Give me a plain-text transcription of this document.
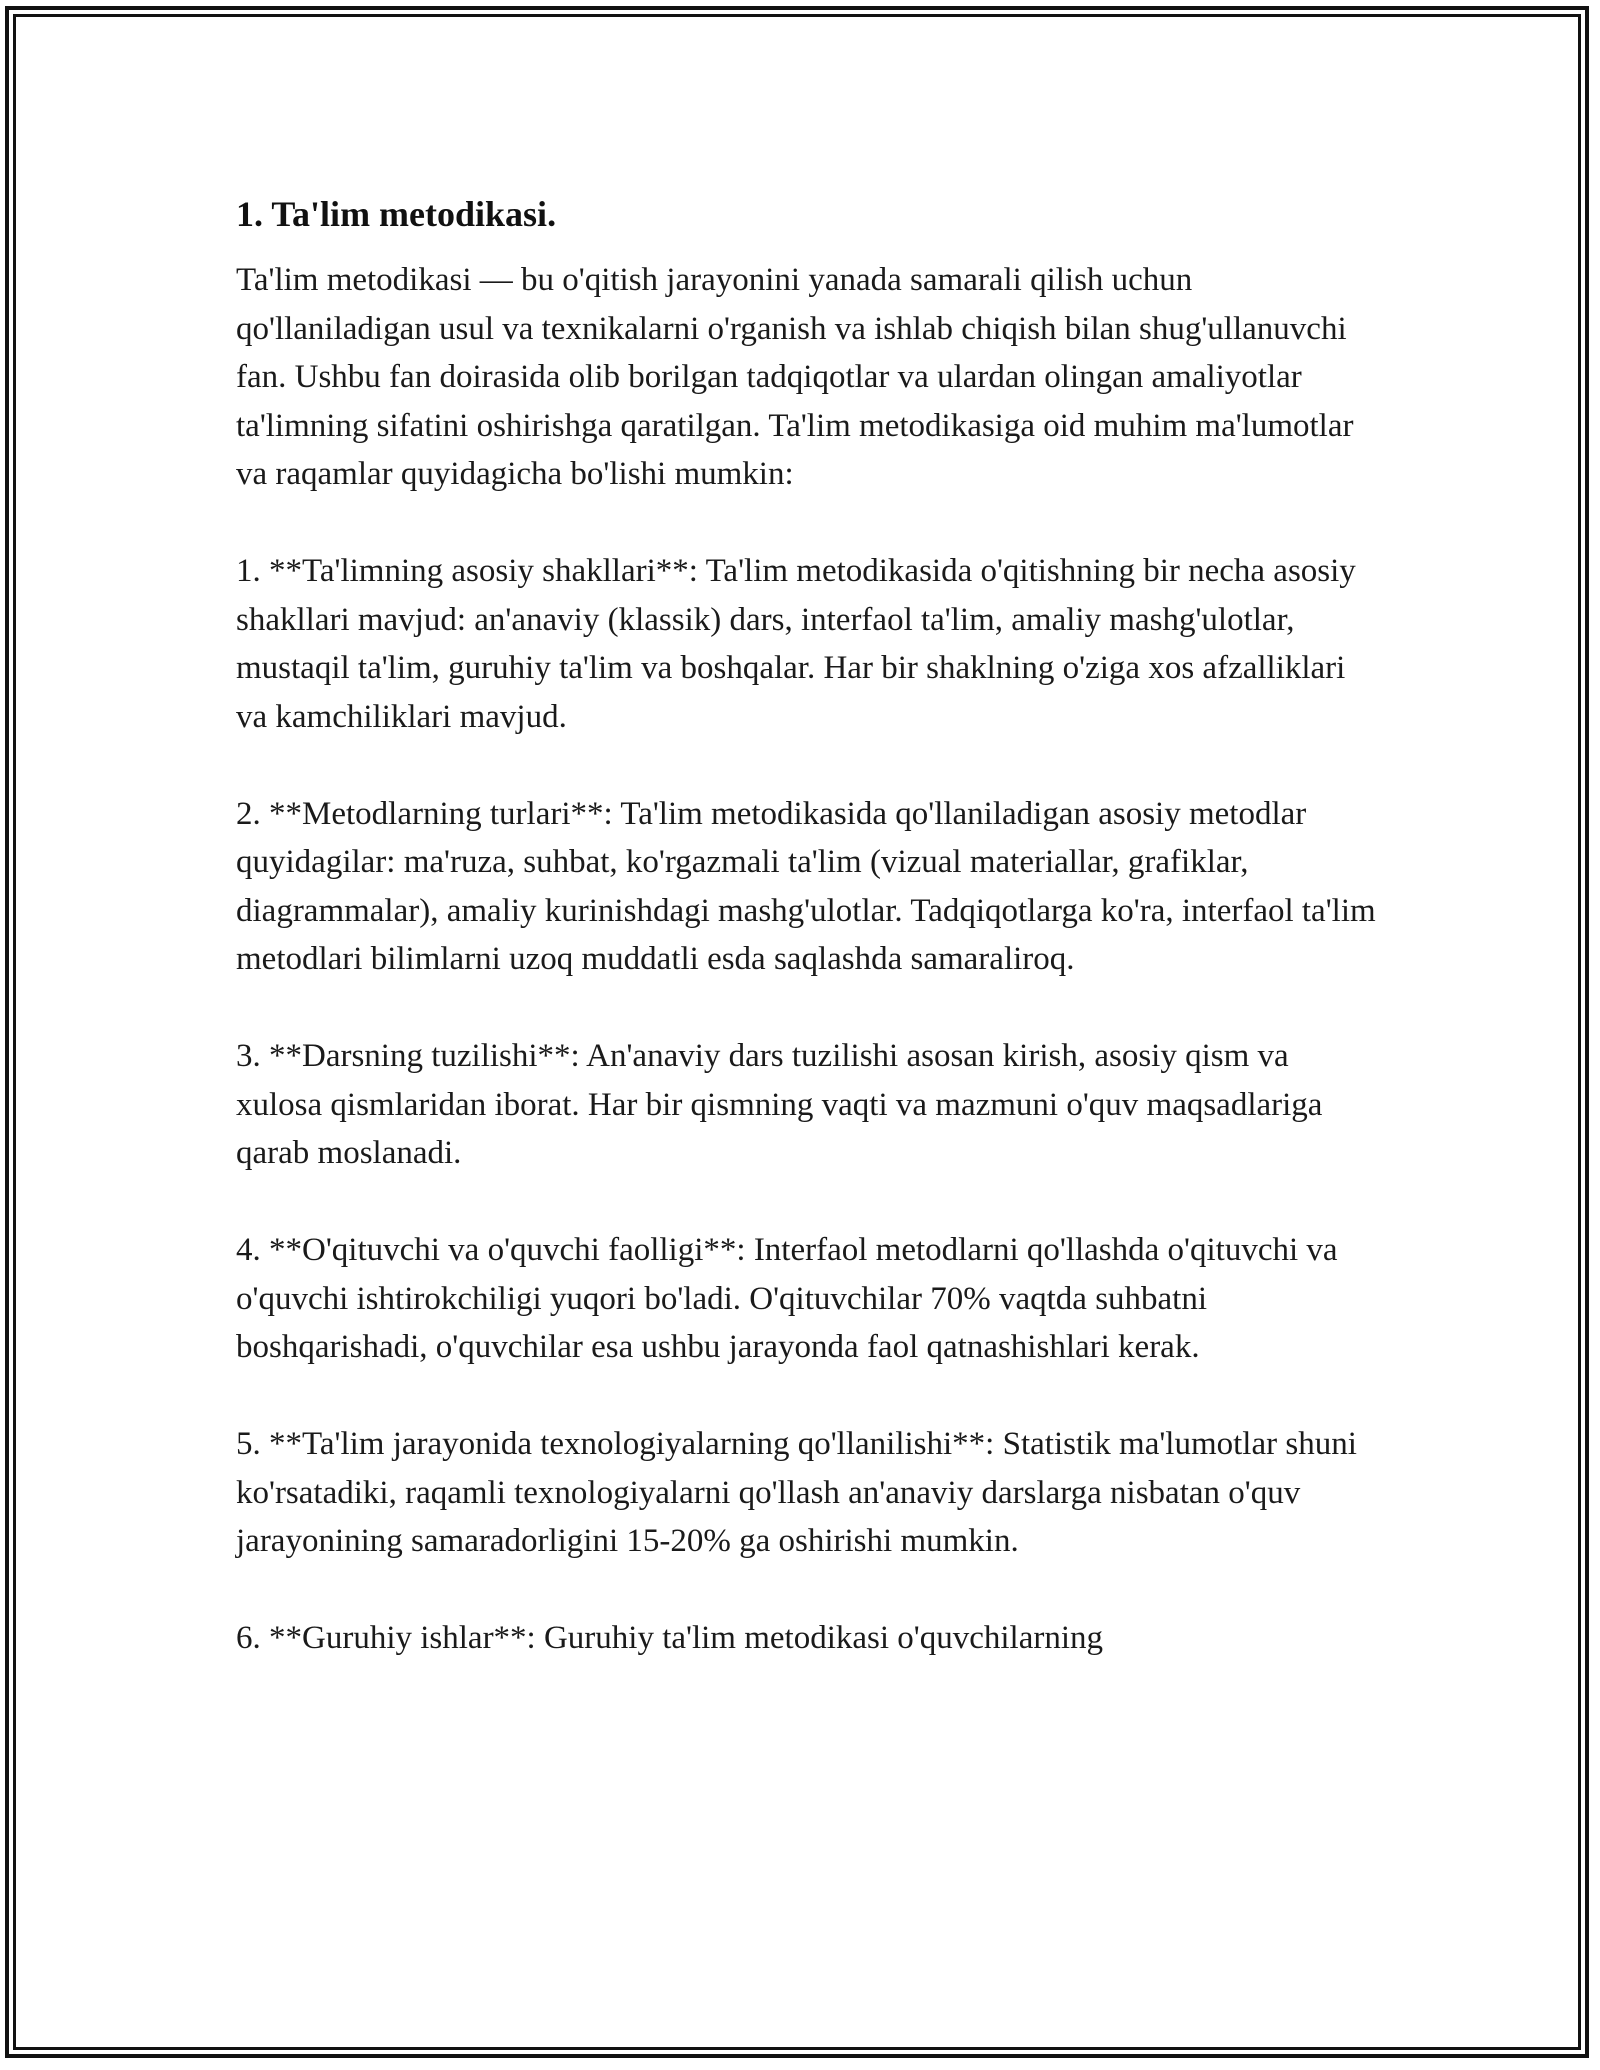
1. Ta'lim metodikasi.

Ta'lim metodikasi — bu o'qitish jarayonini yanada samarali qilish uchun qo'llaniladigan usul va texnikalarni o'rganish va ishlab chiqish bilan shug'ullanuvchi fan. Ushbu fan doirasida olib borilgan tadqiqotlar va ulardan olingan amaliyotlar ta'limning sifatini oshirishga qaratilgan. Ta'lim metodikasiga oid muhim ma'lumotlar va raqamlar quyidagicha bo'lishi mumkin:

1. **Ta'limning asosiy shakllari**: Ta'lim metodikasida o'qitishning bir necha asosiy shakllari mavjud: an'anaviy (klassik) dars, interfaol ta'lim, amaliy mashg'ulotlar, mustaqil ta'lim, guruhiy ta'lim va boshqalar. Har bir shaklning o'ziga xos afzalliklari va kamchiliklari mavjud.

2. **Metodlarning turlari**: Ta'lim metodikasida qo'llaniladigan asosiy metodlar quyidagilar: ma'ruza, suhbat, ko'rgazmali ta'lim (vizual materiallar, grafiklar, diagrammalar), amaliy kurinishdagi mashg'ulotlar. Tadqiqotlarga ko'ra, interfaol ta'lim metodlari bilimlarni uzoq muddatli esda saqlashda samaraliroq.

3. **Darsning tuzilishi**: An'anaviy dars tuzilishi asosan kirish, asosiy qism va xulosa qismlaridan iborat. Har bir qismning vaqti va mazmuni o'quv maqsadlariga qarab moslanadi.

4. **O'qituvchi va o'quvchi faolligi**: Interfaol metodlarni qo'llashda o'qituvchi va o'quvchi ishtirokchiligi yuqori bo'ladi. O'qituvchilar 70% vaqtda suhbatni boshqarishadi, o'quvchilar esa ushbu jarayonda faol qatnashishlari kerak.

5. **Ta'lim jarayonida texnologiyalarning qo'llanilishi**: Statistik ma'lumotlar shuni ko'rsatadiki, raqamli texnologiyalarni qo'llash an'anaviy darslarga nisbatan o'quv jarayonining samaradorligini 15-20% ga oshirishi mumkin.

6. **Guruhiy ishlar**: Guruhiy ta'lim metodikasi o'quvchilarning
